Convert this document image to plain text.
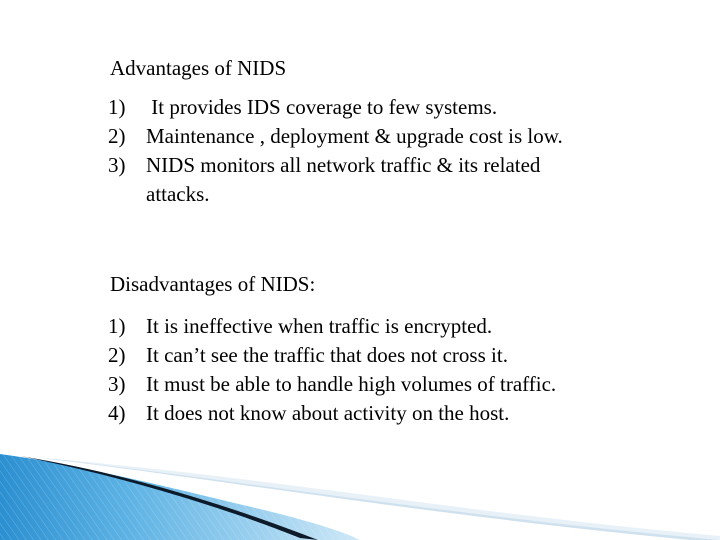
Advantages of NIDS
1) It provides IDS coverage to few systems.
2) Maintenance , deployment & upgrade cost is low.
3) NIDS monitors all network traffic & its related
attacks.
Disadvantages of NIDS:
1) It is ineffective when traffic is encrypted.
2) It can’t see the traffic that does not cross it.
3) It must be able to handle high volumes of traffic.
4) It does not know about activity on the host.
